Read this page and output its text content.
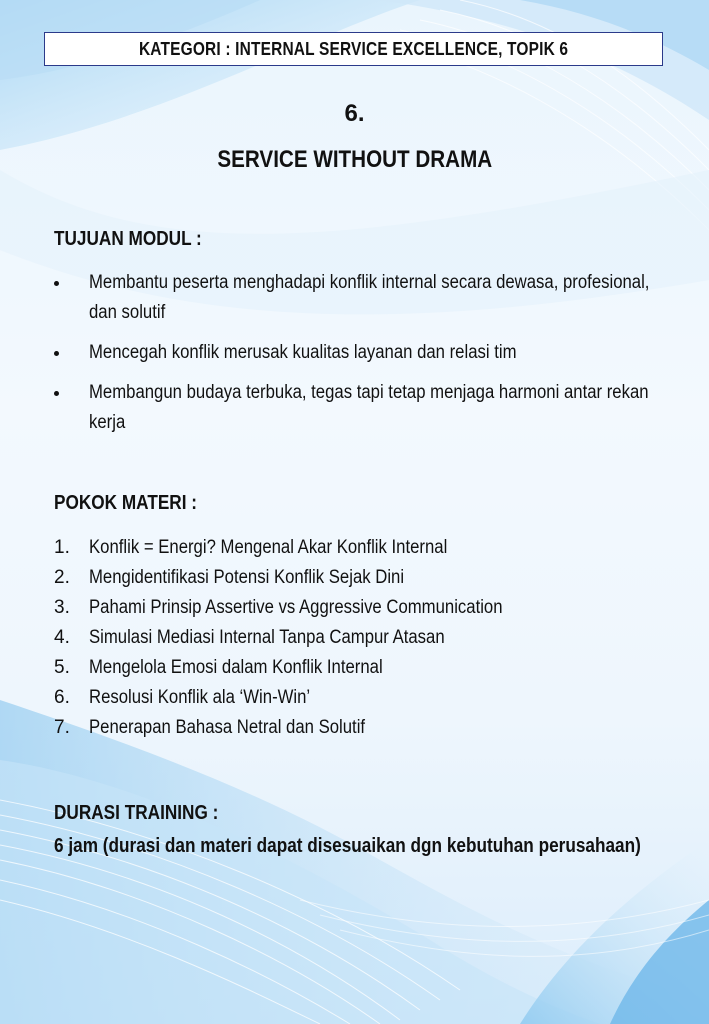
KATEGORI : INTERNAL SERVICE EXCELLENCE, TOPIK 6
6.
SERVICE WITHOUT DRAMA
TUJUAN MODUL :
Membantu peserta menghadapi konflik internal secara dewasa, profesional, dan solutif
Mencegah konflik merusak kualitas layanan dan relasi tim
Membangun budaya terbuka, tegas tapi tetap menjaga harmoni antar rekan kerja
POKOK MATERI :
1.	Konflik = Energi? Mengenal Akar Konflik Internal
2.	Mengidentifikasi Potensi Konflik Sejak Dini
3.	Pahami Prinsip Assertive vs Aggressive Communication
4.	Simulasi Mediasi Internal Tanpa Campur Atasan
5.	Mengelola Emosi dalam Konflik Internal
6.	Resolusi Konflik ala ‘Win-Win’
7.	Penerapan Bahasa Netral dan Solutif
DURASI TRAINING :
6 jam (durasi dan materi dapat disesuaikan dgn kebutuhan perusahaan)
